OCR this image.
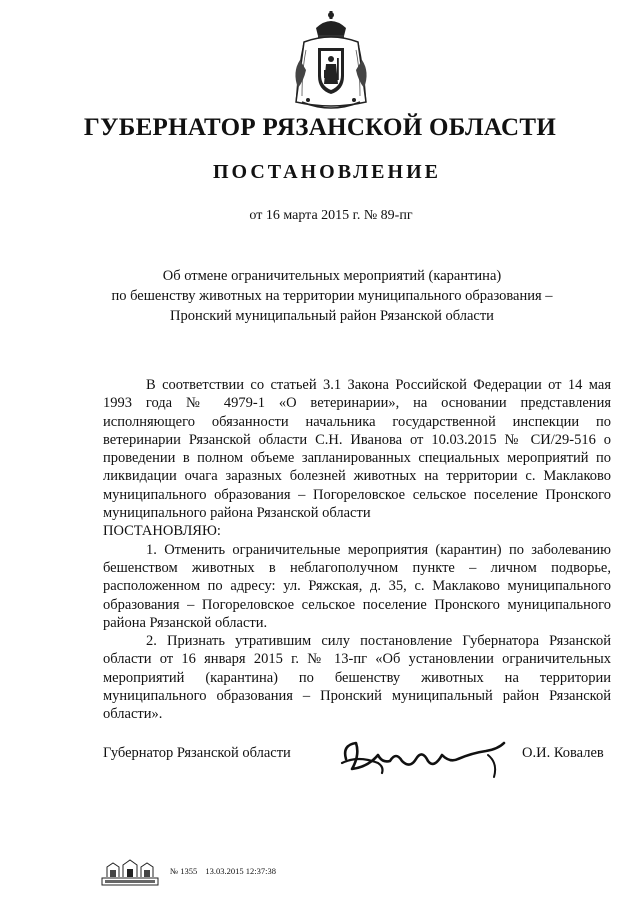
ГУБЕРНАТОР РЯЗАНСКОЙ ОБЛАСТИ
ПОСТАНОВЛЕНИЕ
от 16 марта 2015 г. № 89-пг
Об отмене ограничительных мероприятий (карантина)
по бешенству животных на территории муниципального образования –
Пронский муниципальный район Рязанской области

В соответствии со статьей 3.1 Закона Российской Федерации от 14 мая 1993 года № 4979-1 «О ветеринарии», на основании представления исполняющего обязанности начальника государственной инспекции по ветеринарии Рязанской области С.Н. Иванова от 10.03.2015 № СИ/29-516 о проведении в полном объеме запланированных специальных мероприятий по ликвидации очага заразных болезней животных на территории с. Маклаково муниципального образования – Погореловское сельское поселение Пронского муниципального района Рязанской области

ПОСТАНОВЛЯЮ:

1. Отменить ограничительные мероприятия (карантин) по заболеванию бешенством животных в неблагополучном пункте – личном подворье, расположенном по адресу: ул. Ряжская, д. 35, с. Маклаково муниципального образования – Погореловское сельское поселение Пронского муниципального района Рязанской области.

2. Признать утратившим силу постановление Губернатора Рязанской области от 16 января 2015 г. № 13-пг «Об установлении ограничительных мероприятий (карантина) по бешенству животных на территории муниципального образования – Пронский муниципальный район Рязанской области».

Губернатор Рязанской области	О.И. Ковалев
№ 1355 13.03.2015 12:37:38
